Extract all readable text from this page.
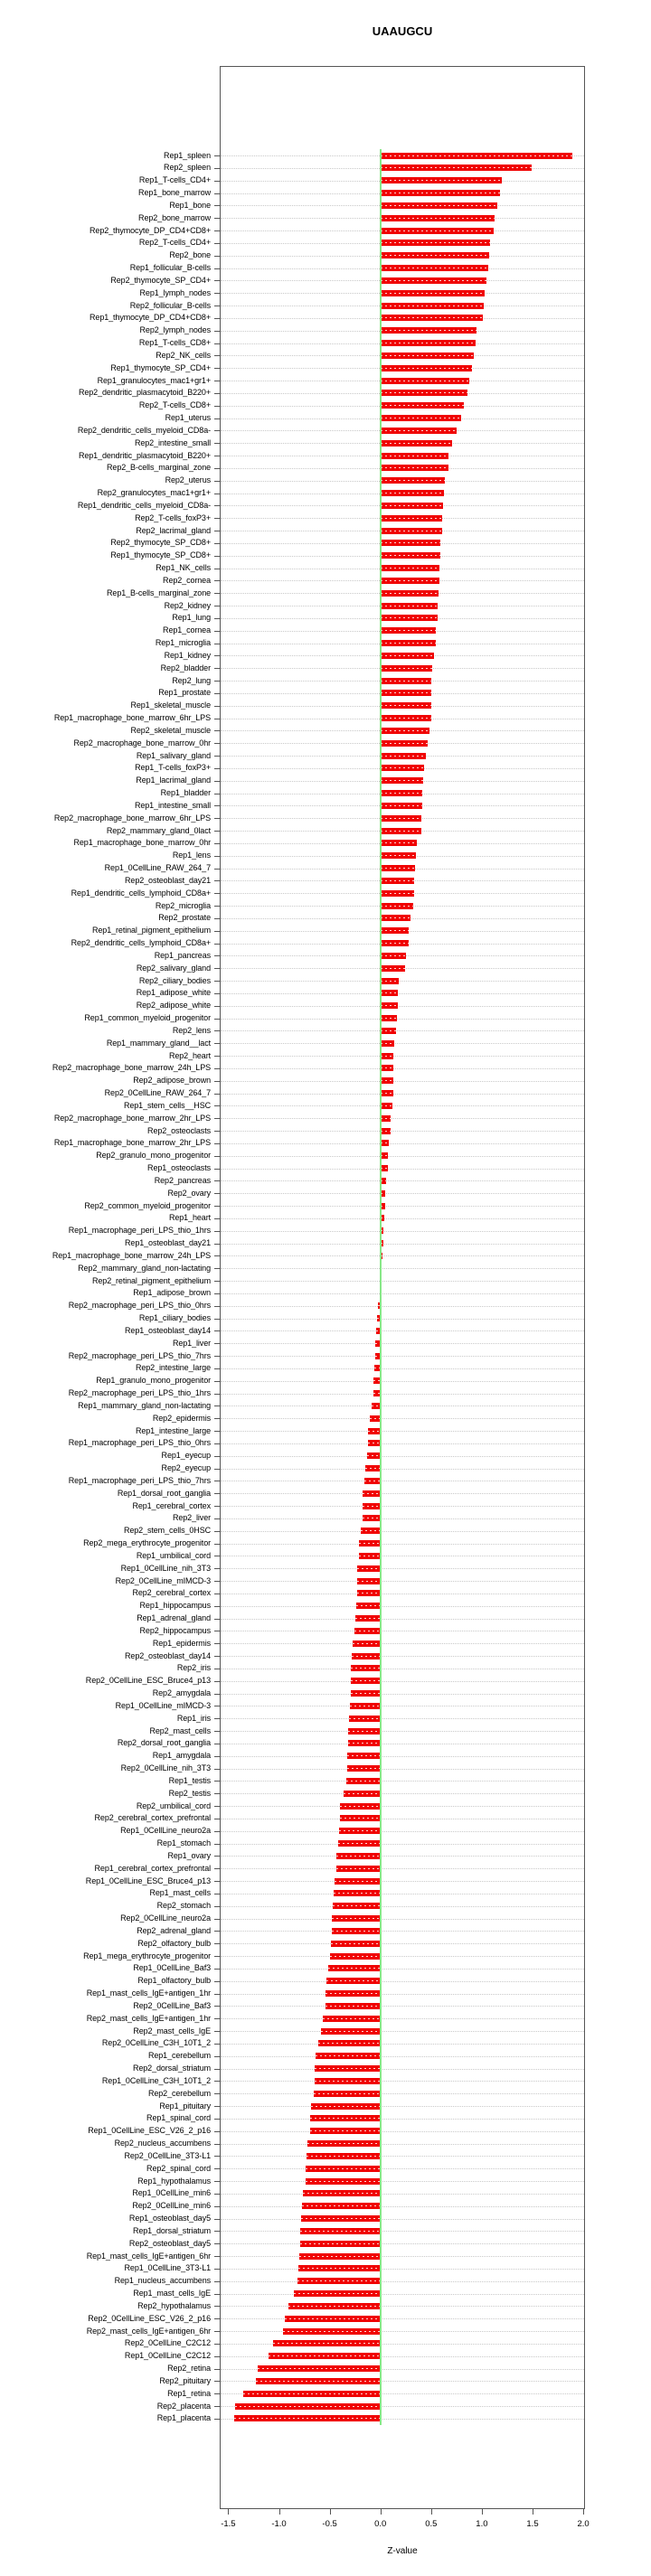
UAAUGCU
Rep1_spleen
Rep2_spleen
Rep1_T-cells_CD4+
Rep1_bone_marrow
Rep1_bone
Rep2_bone_marrow
Rep2_thymocyte_DP_CD4+CD8+
Rep2_T-cells_CD4+
Rep2_bone
Rep1_follicular_B-cells
Rep2_thymocyte_SP_CD4+
Rep1_lymph_nodes
Rep2_follicular_B-cells
Rep1_thymocyte_DP_CD4+CD8+
Rep2_lymph_nodes
Rep1_T-cells_CD8+
Rep2_NK_cells
Rep1_thymocyte_SP_CD4+
Rep1_granulocytes_mac1+gr1+
Rep2_dendritic_plasmacytoid_B220+
Rep2_T-cells_CD8+
Rep1_uterus
Rep2_dendritic_cells_myeloid_CD8a-
Rep2_intestine_small
Rep1_dendritic_plasmacytoid_B220+
Rep2_B-cells_marginal_zone
Rep2_uterus
Rep2_granulocytes_mac1+gr1+
Rep1_dendritic_cells_myeloid_CD8a-
Rep2_T-cells_foxP3+
Rep2_lacrimal_gland
Rep2_thymocyte_SP_CD8+
Rep1_thymocyte_SP_CD8+
Rep1_NK_cells
Rep2_cornea
Rep1_B-cells_marginal_zone
Rep2_kidney
Rep1_lung
Rep1_cornea
Rep1_microglia
Rep1_kidney
Rep2_bladder
Rep2_lung
Rep1_prostate
Rep1_skeletal_muscle
Rep1_macrophage_bone_marrow_6hr_LPS
Rep2_skeletal_muscle
Rep2_macrophage_bone_marrow_0hr
Rep1_salivary_gland
Rep1_T-cells_foxP3+
Rep1_lacrimal_gland
Rep1_bladder
Rep1_intestine_small
Rep2_macrophage_bone_marrow_6hr_LPS
Rep2_mammary_gland_0lact
Rep1_macrophage_bone_marrow_0hr
Rep1_lens
Rep1_0CellLine_RAW_264_7
Rep2_osteoblast_day21
Rep1_dendritic_cells_lymphoid_CD8a+
Rep2_microglia
Rep2_prostate
Rep1_retinal_pigment_epithelium
Rep2_dendritic_cells_lymphoid_CD8a+
Rep1_pancreas
Rep2_salivary_gland
Rep2_ciliary_bodies
Rep1_adipose_white
Rep2_adipose_white
Rep1_common_myeloid_progenitor
Rep2_lens
Rep1_mammary_gland__lact
Rep2_heart
Rep2_macrophage_bone_marrow_24h_LPS
Rep2_adipose_brown
Rep2_0CellLine_RAW_264_7
Rep1_stem_cells__HSC
Rep2_macrophage_bone_marrow_2hr_LPS
Rep2_osteoclasts
Rep1_macrophage_bone_marrow_2hr_LPS
Rep2_granulo_mono_progenitor
Rep1_osteoclasts
Rep2_pancreas
Rep2_ovary
Rep2_common_myeloid_progenitor
Rep1_heart
Rep1_macrophage_peri_LPS_thio_1hrs
Rep1_osteoblast_day21
Rep1_macrophage_bone_marrow_24h_LPS
Rep2_mammary_gland_non-lactating
Rep2_retinal_pigment_epithelium
Rep1_adipose_brown
Rep2_macrophage_peri_LPS_thio_0hrs
Rep1_ciliary_bodies
Rep1_osteoblast_day14
Rep1_liver
Rep2_macrophage_peri_LPS_thio_7hrs
Rep2_intestine_large
Rep1_granulo_mono_progenitor
Rep2_macrophage_peri_LPS_thio_1hrs
Rep1_mammary_gland_non-lactating
Rep2_epidermis
Rep1_intestine_large
Rep1_macrophage_peri_LPS_thio_0hrs
Rep1_eyecup
Rep2_eyecup
Rep1_macrophage_peri_LPS_thio_7hrs
Rep1_dorsal_root_ganglia
Rep1_cerebral_cortex
Rep2_liver
Rep2_stem_cells_0HSC
Rep2_mega_erythrocyte_progenitor
Rep1_umbilical_cord
Rep1_0CellLine_nih_3T3
Rep2_0CellLine_mIMCD-3
Rep2_cerebral_cortex
Rep1_hippocampus
Rep1_adrenal_gland
Rep2_hippocampus
Rep1_epidermis
Rep2_osteoblast_day14
Rep2_iris
Rep2_0CellLine_ESC_Bruce4_p13
Rep2_amygdala
Rep1_0CellLine_mIMCD-3
Rep1_iris
Rep2_mast_cells
Rep2_dorsal_root_ganglia
Rep1_amygdala
Rep2_0CellLine_nih_3T3
Rep1_testis
Rep2_testis
Rep2_umbilical_cord
Rep2_cerebral_cortex_prefrontal
Rep1_0CellLine_neuro2a
Rep1_stomach
Rep1_ovary
Rep1_cerebral_cortex_prefrontal
Rep1_0CellLine_ESC_Bruce4_p13
Rep1_mast_cells
Rep2_stomach
Rep2_0CellLine_neuro2a
Rep2_adrenal_gland
Rep2_olfactory_bulb
Rep1_mega_erythrocyte_progenitor
Rep1_0CellLine_Baf3
Rep1_olfactory_bulb
Rep1_mast_cells_IgE+antigen_1hr
Rep2_0CellLine_Baf3
Rep2_mast_cells_IgE+antigen_1hr
Rep2_mast_cells_IgE
Rep2_0CellLine_C3H_10T1_2
Rep1_cerebellum
Rep2_dorsal_striatum
Rep1_0CellLine_C3H_10T1_2
Rep2_cerebellum
Rep1_pituitary
Rep1_spinal_cord
Rep1_0CellLine_ESC_V26_2_p16
Rep2_nucleus_accumbens
Rep2_0CellLine_3T3-L1
Rep2_spinal_cord
Rep1_hypothalamus
Rep1_0CellLine_min6
Rep2_0CellLine_min6
Rep1_osteoblast_day5
Rep1_dorsal_striatum
Rep2_osteoblast_day5
Rep1_mast_cells_IgE+antigen_6hr
Rep1_0CellLine_3T3-L1
Rep1_nucleus_accumbens
Rep1_mast_cells_IgE
Rep2_hypothalamus
Rep2_0CellLine_ESC_V26_2_p16
Rep2_mast_cells_IgE+antigen_6hr
Rep2_0CellLine_C2C12
Rep1_0CellLine_C2C12
Rep2_retina
Rep2_pituitary
Rep1_retina
Rep2_placenta
Rep1_placenta
-1.5	-1.0	-0.5	0.0	0.5	1.0	1.5	2.0
Z-value
